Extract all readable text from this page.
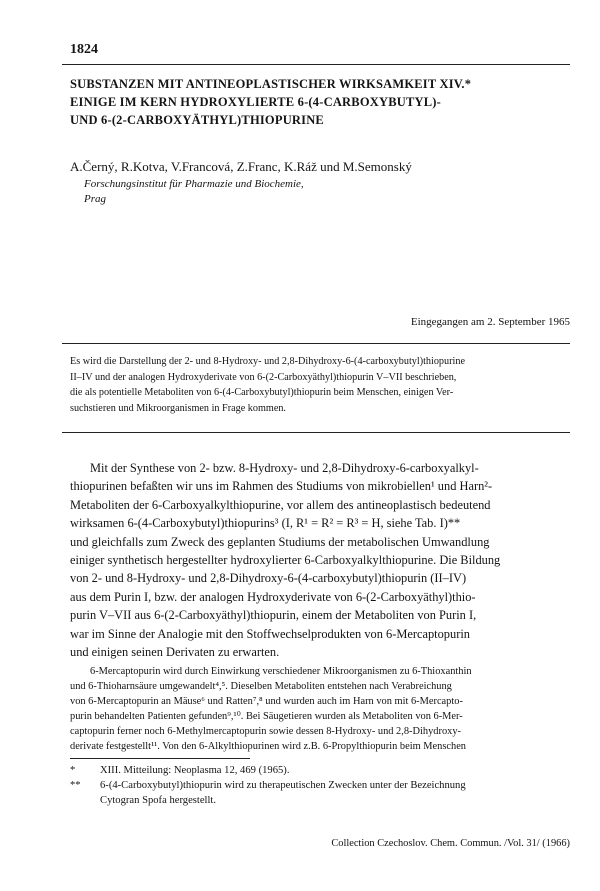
1824
SUBSTANZEN MIT ANTINEOPLASTISCHER WIRKSAMKEIT XIV.*
EINIGE IM KERN HYDROXYLIERTE 6-(4-CARBOXYBUTYL)-
UND 6-(2-CARBOXYÄTHYL)THIOPURINE
A.Černý, R.Kotva, V.Francová, Z.Franc, K.Ráž und M.Semonský
Forschungsinstitut für Pharmazie und Biochemie,
Prag
Eingegangen am 2. September 1965
Es wird die Darstellung der 2- und 8-Hydroxy- und 2,8-Dihydroxy-6-(4-carboxybutyl)thiopurine
II–IV und der analogen Hydroxyderivate von 6-(2-Carboxyäthyl)thiopurin V–VII beschrieben,
die als potentielle Metaboliten von 6-(4-Carboxybutyl)thiopurin beim Menschen, einigen Ver-
suchstieren und Mikroorganismen in Frage kommen.
Mit der Synthese von 2- bzw. 8-Hydroxy- und 2,8-Dihydroxy-6-carboxyalkyl-
thiopurinen befaßten wir uns im Rahmen des Studiums von mikrobiellen¹ und Harn²-
Metaboliten der 6-Carboxyalkylthiopurine, vor allem des antineoplastisch bedeutend
wirksamen 6-(4-Carboxybutyl)thiopurins³ (I, R¹ = R² = R³ = H, siehe Tab. I)**
und gleichfalls zum Zweck des geplanten Studiums der metabolischen Umwandlung
einiger synthetisch hergestellter hydroxylierter 6-Carboxyalkylthiopurine. Die Bildung
von 2- und 8-Hydroxy- und 2,8-Dihydroxy-6-(4-carboxybutyl)thiopurin (II–IV)
aus dem Purin I, bzw. der analogen Hydroxyderivate von 6-(2-Carboxyäthyl)thio-
purin V–VII aus 6-(2-Carboxyäthyl)thiopurin, einem der Metaboliten von Purin I,
war im Sinne der Analogie mit den Stoffwechselprodukten von 6-Mercaptopurin
und einigen seinen Derivaten zu erwarten.
6-Mercaptopurin wird durch Einwirkung verschiedener Mikroorganismen zu 6-Thioxanthin
und 6-Thioharnsäure umgewandelt⁴,⁵. Dieselben Metaboliten entstehen nach Verabreichung
von 6-Mercaptopurin an Mäuse⁶ und Ratten⁷,⁸ und wurden auch im Harn von mit 6-Mercapto-
purin behandelten Patienten gefunden⁹,¹⁰. Bei Säugetieren wurden als Metaboliten von 6-Mer-
captopurin ferner noch 6-Methylmercaptopurin sowie dessen 8-Hydroxy- und 2,8-Dihydroxy-
derivate festgestellt¹¹. Von den 6-Alkylthiopurinen wird z.B. 6-Propylthiopurin beim Menschen
* XIII. Mitteilung: Neoplasma 12, 469 (1965).
** 6-(4-Carboxybutyl)thiopurin wird zu therapeutischen Zwecken unter der Bezeichnung
Cytogran Spofa hergestellt.
Collection Czechoslov. Chem. Commun. /Vol. 31/ (1966)
